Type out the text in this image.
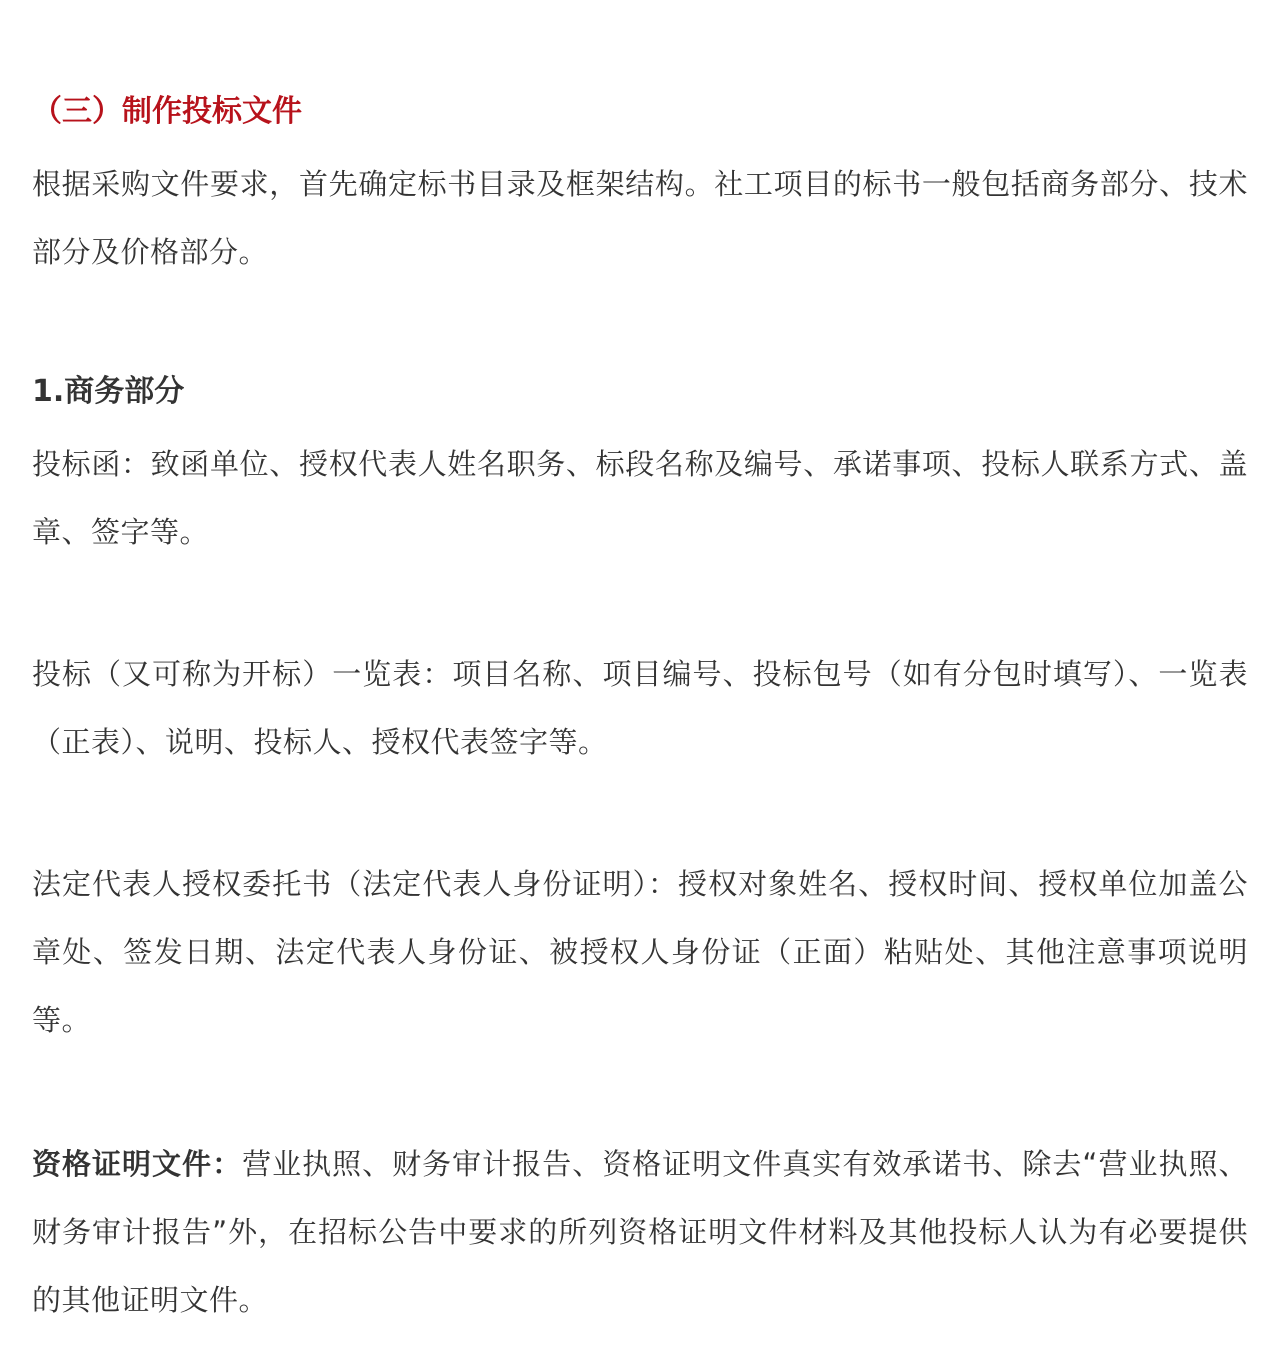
（三）制作投标文件

根据采购文件要求，首先确定标书目录及框架结构。社工项目的标书一般包括商务部分、技术部分及价格部分。

1.商务部分

投标函：致函单位、授权代表人姓名职务、标段名称及编号、承诺事项、投标人联系方式、盖章、签字等。

投标（又可称为开标）一览表：项目名称、项目编号、投标包号（如有分包时填写）、一览表（正表）、说明、投标人、授权代表签字等。

法定代表人授权委托书（法定代表人身份证明）：授权对象姓名、授权时间、授权单位加盖公章处、签发日期、法定代表人身份证、被授权人身份证（正面）粘贴处、其他注意事项说明等。

资格证明文件：营业执照、财务审计报告、资格证明文件真实有效承诺书、除去“营业执照、财务审计报告”外，在招标公告中要求的所列资格证明文件材料及其他投标人认为有必要提供的其他证明文件。
